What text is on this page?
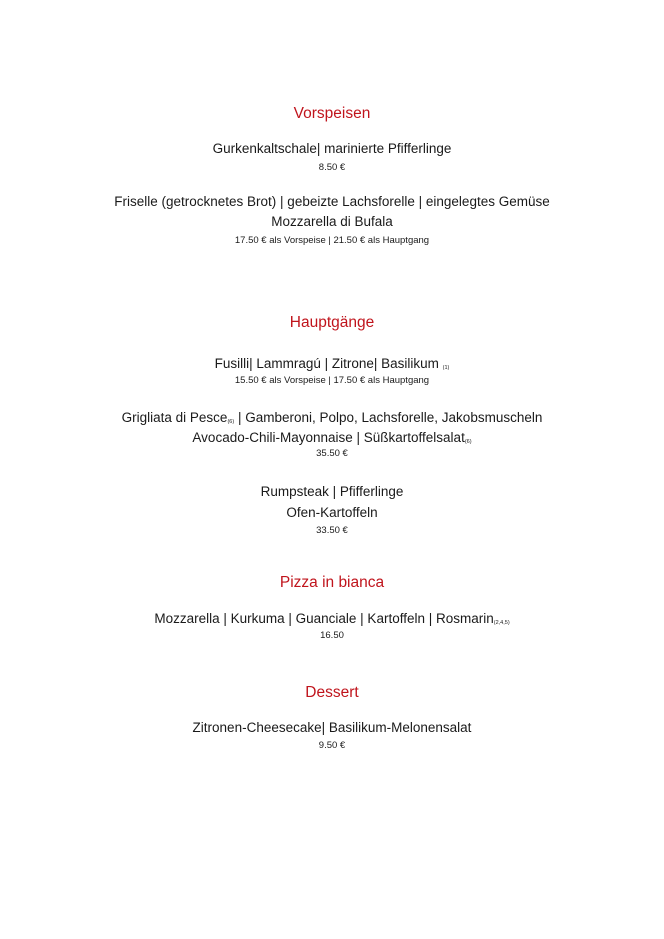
Vorspeisen
Gurkenkaltschale| marinierte Pfifferlinge
8.50 €
Friselle (getrocknetes Brot) | gebeizte Lachsforelle | eingelegtes Gemüse
Mozzarella di Bufala
17.50 € als Vorspeise | 21.50 € als Hauptgang
Hauptgänge
Fusilli| Lammragú | Zitrone| Basilikum (1)
15.50 € als Vorspeise | 17.50 € als Hauptgang
Grigliata di Pesce(6) | Gamberoni, Polpo, Lachsforelle, Jakobsmuscheln
Avocado-Chili-Mayonnaise | Süßkartoffelsalat(6)
35.50 €
Rumpsteak | Pfifferlinge
Ofen-Kartoffeln
33.50 €
Pizza in bianca
Mozzarella | Kurkuma | Guanciale | Kartoffeln | Rosmarin(2,4,5)
16.50
Dessert
Zitronen-Cheesecake| Basilikum-Melonensalat
9.50 €
